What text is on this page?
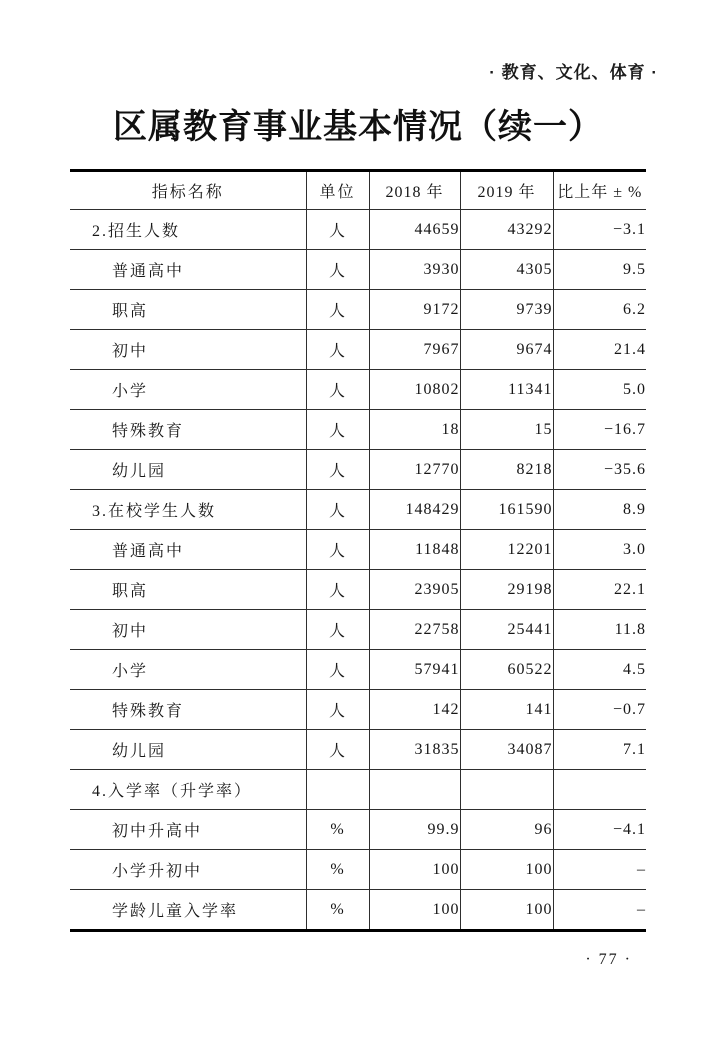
· 教育、文化、体育 ·
区属教育事业基本情况（续一）
指标名称	单位	2018 年	2019 年	比上年 ± %
2.招生人数	人	44659	43292	−3.1
普通高中	人	3930	4305	9.5
职高	人	9172	9739	6.2
初中	人	7967	9674	21.4
小学	人	10802	11341	5.0
特殊教育	人	18	15	−16.7
幼儿园	人	12770	8218	−35.6
3.在校学生人数	人	148429	161590	8.9
普通高中	人	11848	12201	3.0
职高	人	23905	29198	22.1
初中	人	22758	25441	11.8
小学	人	57941	60522	4.5
特殊教育	人	142	141	−0.7
幼儿园	人	31835	34087	7.1
4.入学率（升学率）				
初中升高中	%	99.9	96	−4.1
小学升初中	%	100	100	–
学龄儿童入学率	%	100	100	–
· 77 ·
